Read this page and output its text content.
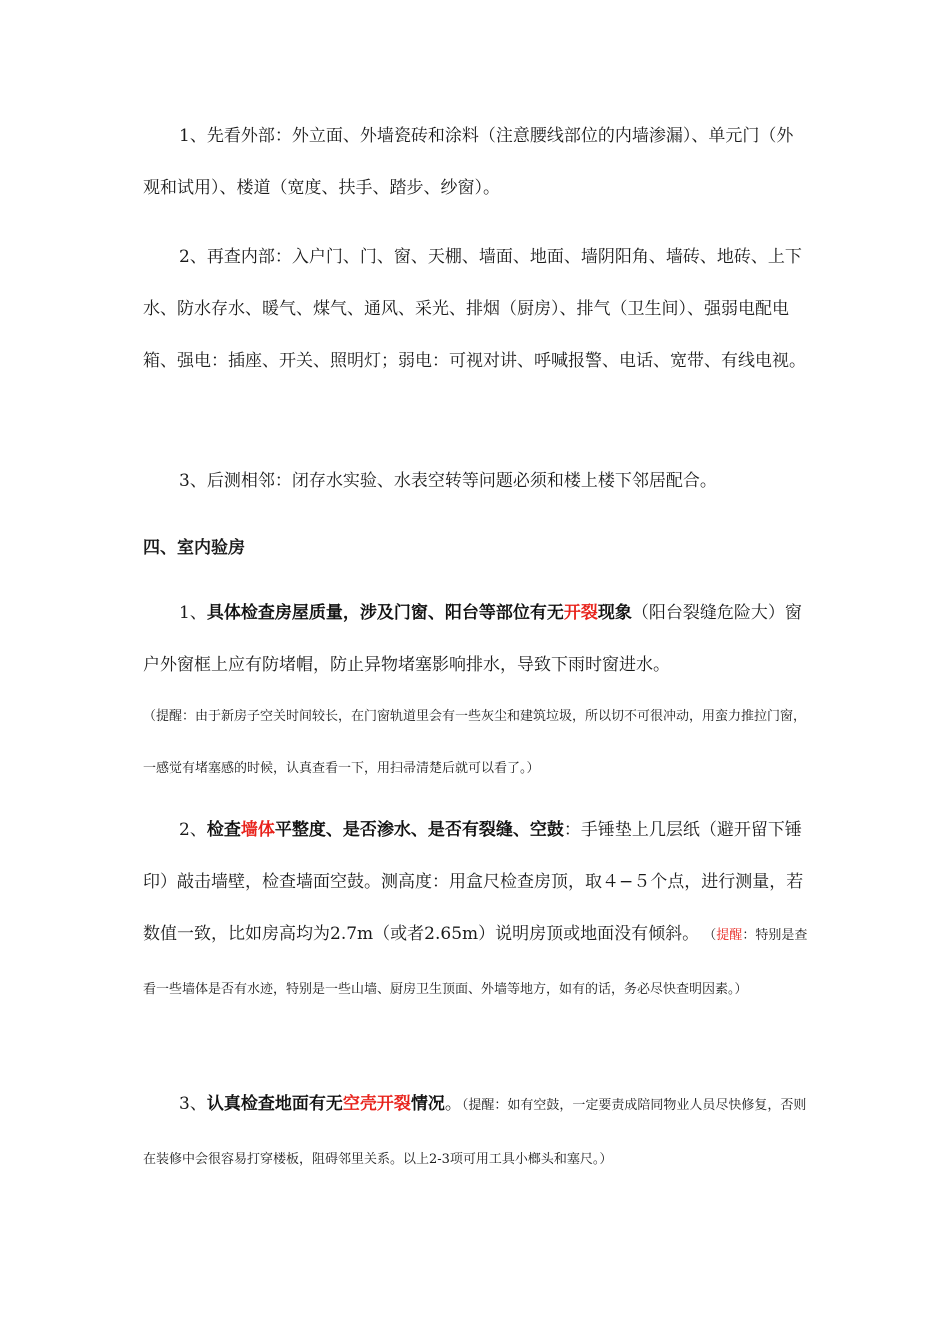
1、先看外部：外立面、外墙瓷砖和涂料（注意腰线部位的内墙渗漏）、单元门（外观和试用）、楼道（宽度、扶手、踏步、纱窗）。

2、再查内部：入户门、门、窗、天棚、墙面、地面、墙阴阳角、墙砖、地砖、上下水、防水存水、暖气、煤气、通风、采光、排烟（厨房）、排气（卫生间）、强弱电配电箱、强电：插座、开关、照明灯；弱电：可视对讲、呼喊报警、电话、宽带、有线电视。

3、后测相邻：闭存水实验、水表空转等问题必须和楼上楼下邻居配合。

四、室内验房

1、具体检查房屋质量，涉及门窗、阳台等部位有无开裂现象（阳台裂缝危险大）窗户外窗框上应有防堵帽，防止异物堵塞影响排水，导致下雨时窗进水。

（提醒：由于新房子空关时间较长，在门窗轨道里会有一些灰尘和建筑垃圾，所以切不可很冲动，用蛮力推拉门窗，一感觉有堵塞感的时候，认真查看一下，用扫帚清楚后就可以看了。）

2、检查墙体平整度、是否渗水、是否有裂缝、空鼓：手锤垫上几层纸（避开留下锤印）敲击墙壁，检查墙面空鼓。测高度：用盒尺检查房顶，取４−５个点，进行测量，若数值一致，比如房高均为2.7m（或者2.65m）说明房顶或地面没有倾斜。 （提醒：特别是查看一些墙体是否有水迹，特别是一些山墙、厨房卫生顶面、外墙等地方，如有的话，务必尽快查明因素。）

3、认真检查地面有无空壳开裂情况。（提醒：如有空鼓，一定要责成陪同物业人员尽快修复，否则在装修中会很容易打穿楼板，阻碍邻里关系。以上2-3项可用工具小榔头和塞尺。）
